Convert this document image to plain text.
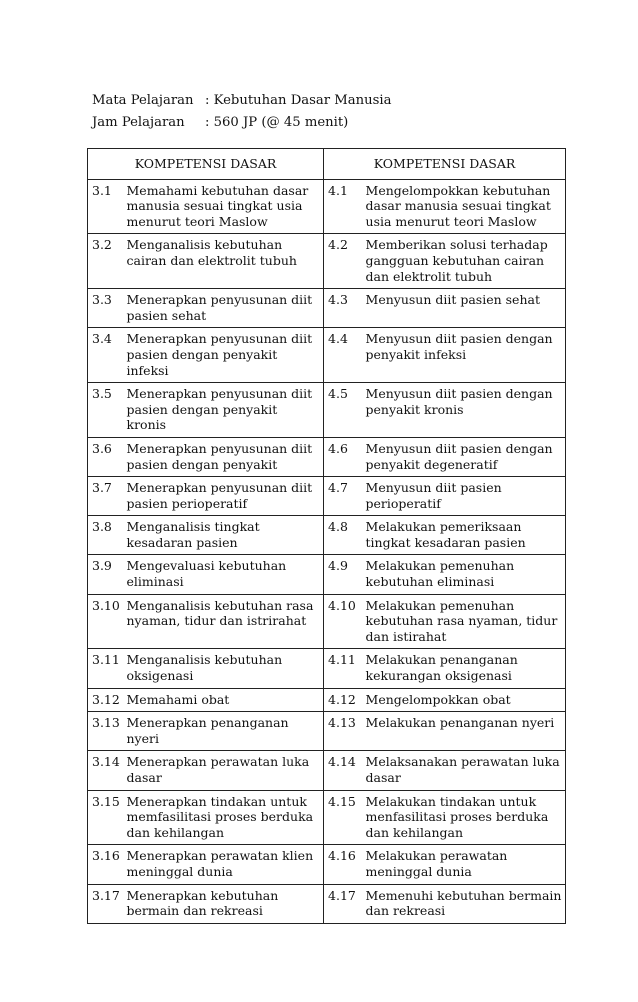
Mata Pelajaran : Kebutuhan Dasar Manusia
Jam Pelajaran	: 560 JP (@ 45 menit)
KOMPETENSI DASAR		KOMPETENSI DASAR	
3.1	Memahami kebutuhan dasar manusia sesuai tingkat usia menurut teori Maslow	4.1	Mengelompokkan kebutuhan dasar manusia sesuai tingkat usia menurut teori Maslow
3.2	Menganalisis kebutuhan cairan dan elektrolit tubuh	4.2	Memberikan solusi terhadap gangguan kebutuhan cairan dan elektrolit tubuh
3.3	Menerapkan penyusunan diit pasien sehat	4.3	Menyusun diit pasien sehat
3.4	Menerapkan penyusunan diit pasien dengan penyakit infeksi	4.4	Menyusun diit pasien dengan penyakit infeksi
3.5	Menerapkan penyusunan diit pasien dengan penyakit kronis	4.5	Menyusun diit pasien dengan penyakit kronis
3.6	Menerapkan penyusunan diit pasien dengan penyakit	4.6	Menyusun diit pasien dengan penyakit degeneratif
3.7	Menerapkan penyusunan diit pasien perioperatif	4.7	Menyusun diit pasien perioperatif
3.8	Menganalisis tingkat kesadaran pasien	4.8	Melakukan pemeriksaan tingkat kesadaran pasien
3.9	Mengevaluasi kebutuhan eliminasi	4.9	Melakukan pemenuhan kebutuhan eliminasi
3.10	Menganalisis kebutuhan rasa nyaman, tidur dan istrirahat	4.10	Melakukan pemenuhan kebutuhan rasa nyaman, tidur dan istirahat
3.11	Menganalisis kebutuhan oksigenasi	4.11	Melakukan penanganan kekurangan oksigenasi
3.12	Memahami obat	4.12	Mengelompokkan obat
3.13	Menerapkan penanganan nyeri	4.13	Melakukan penanganan nyeri
3.14	Menerapkan perawatan luka dasar	4.14	Melaksanakan perawatan luka dasar
3.15	Menerapkan tindakan untuk memfasilitasi proses berduka dan kehilangan	4.15	Melakukan tindakan untuk menfasilitasi proses berduka dan kehilangan
3.16	Menerapkan perawatan klien meninggal dunia	4.16	Melakukan perawatan meninggal dunia
3.17	Menerapkan kebutuhan bermain dan rekreasi	4.17	Memenuhi kebutuhan bermain dan rekreasi
